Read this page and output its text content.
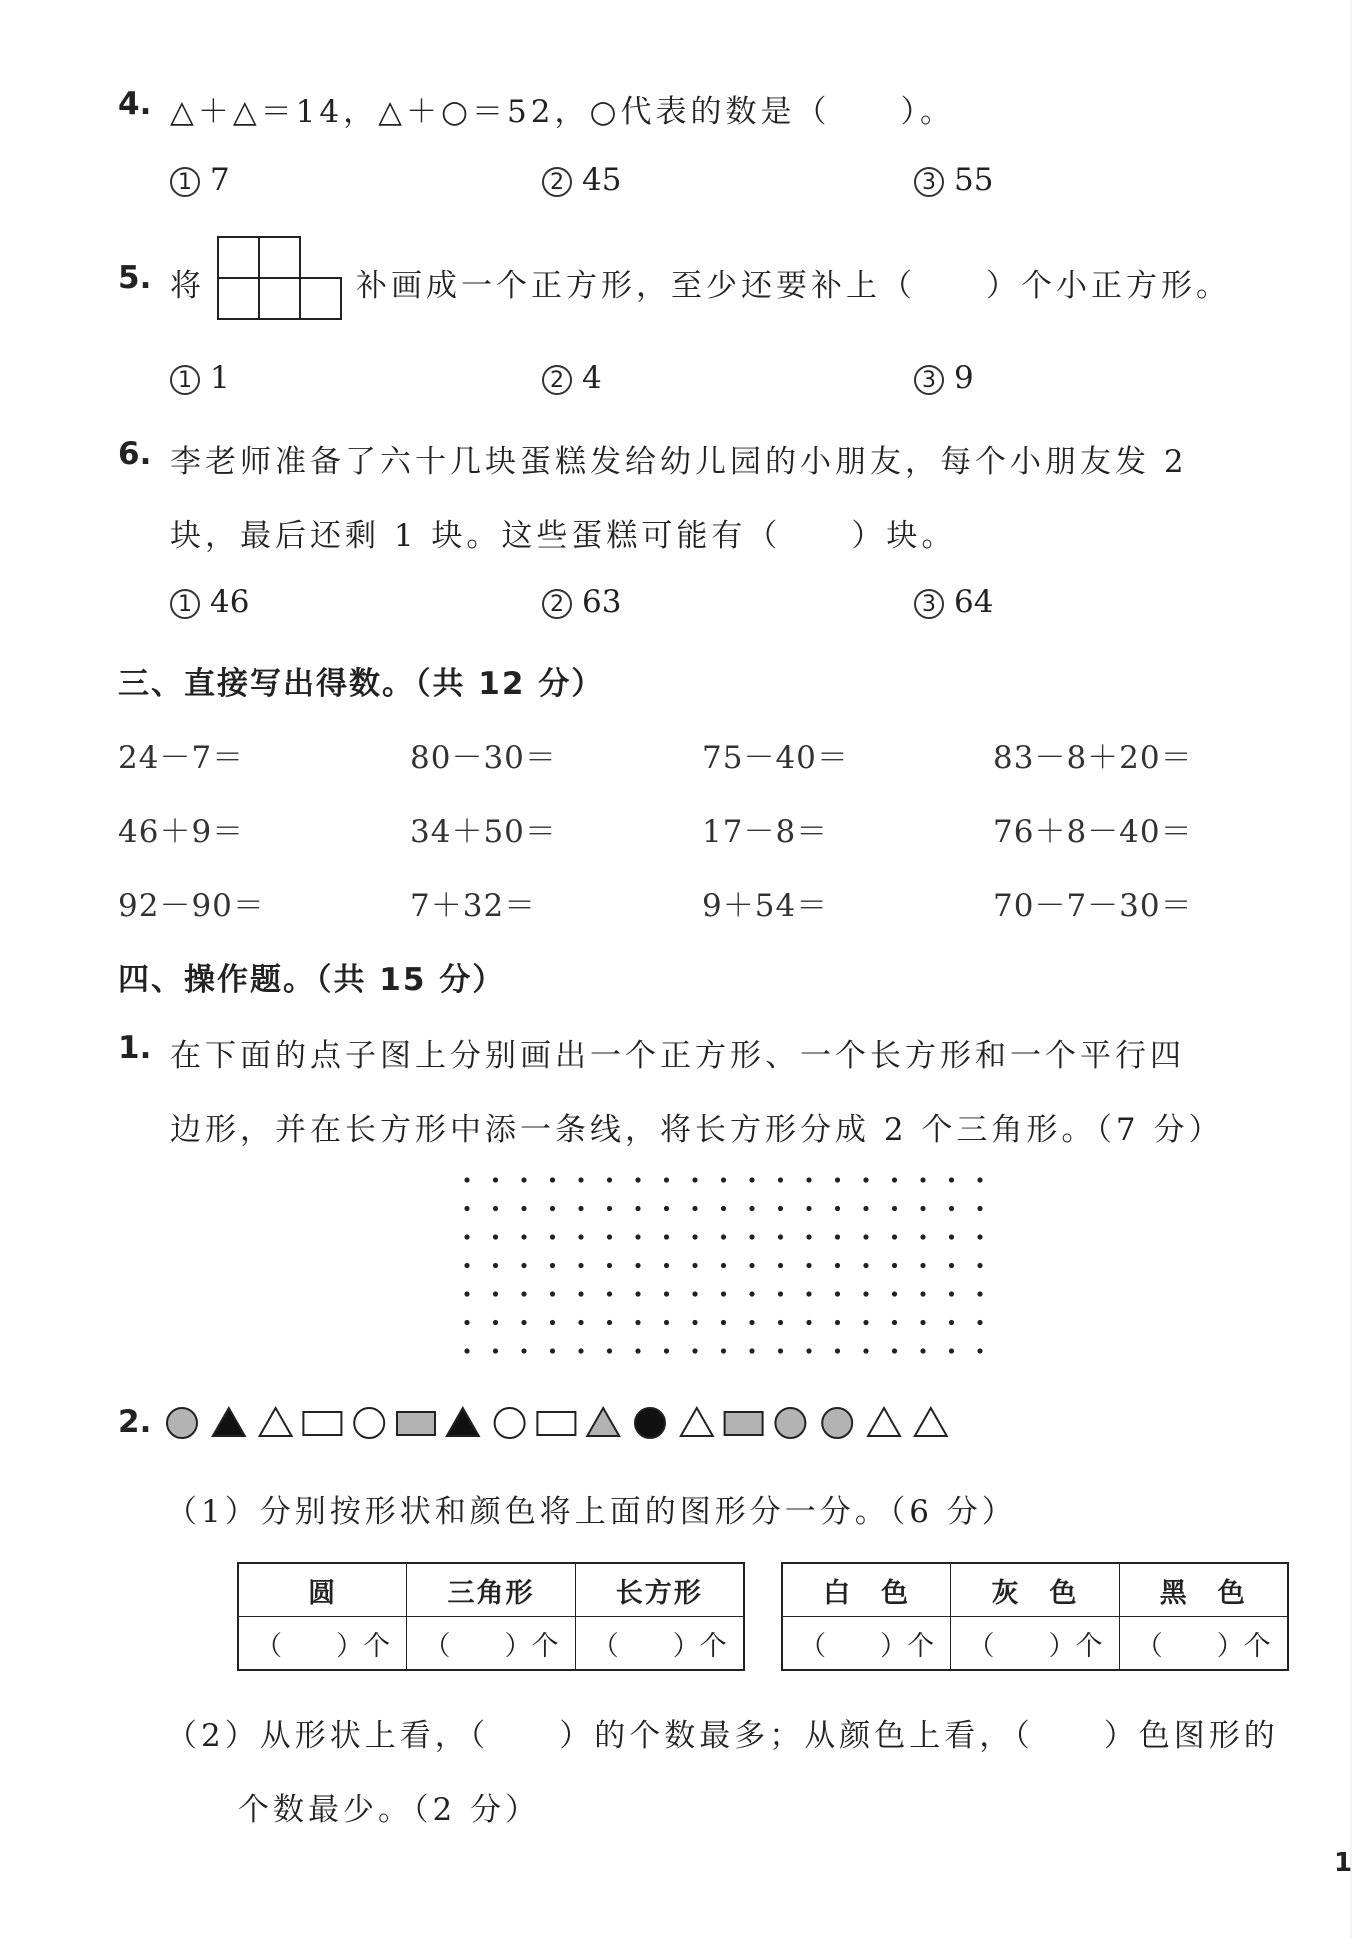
4. △＋△＝14，△＋○＝52，○代表的数是（　　）。
1 7	2 45	3 55
5. 将	补画成一个正方形，至少还要补上（　　）个小正方形。
1 1	2 4	3 9
6. 李老师准备了六十几块蛋糕发给幼儿园的小朋友，每个小朋友发 2
块，最后还剩 1 块。这些蛋糕可能有（　　）块。
1 46	2 63	3 64
三、直接写出得数。（共 12 分）
24－7＝	80－30＝	75－40＝	83－8＋20＝
46＋9＝	34＋50＝	17－8＝	76＋8－40＝
92－90＝	7＋32＝	9＋54＝	70－7－30＝
四、操作题。（共 15 分）
1. 在下面的点子图上分别画出一个正方形、一个长方形和一个平行四
边形，并在长方形中添一条线，将长方形分成 2 个三角形。（7 分）
2.
（1）分别按形状和颜色将上面的图形分一分。（6 分）
圆	三角形	长方形
（　　）个	（　　）个	（　　）个
白　色	灰　色	黑　色
（　　）个	（　　）个	（　　）个
（2）从形状上看，（　　）的个数最多；从颜色上看，（　　）色图形的
个数最少。（2 分）
1
